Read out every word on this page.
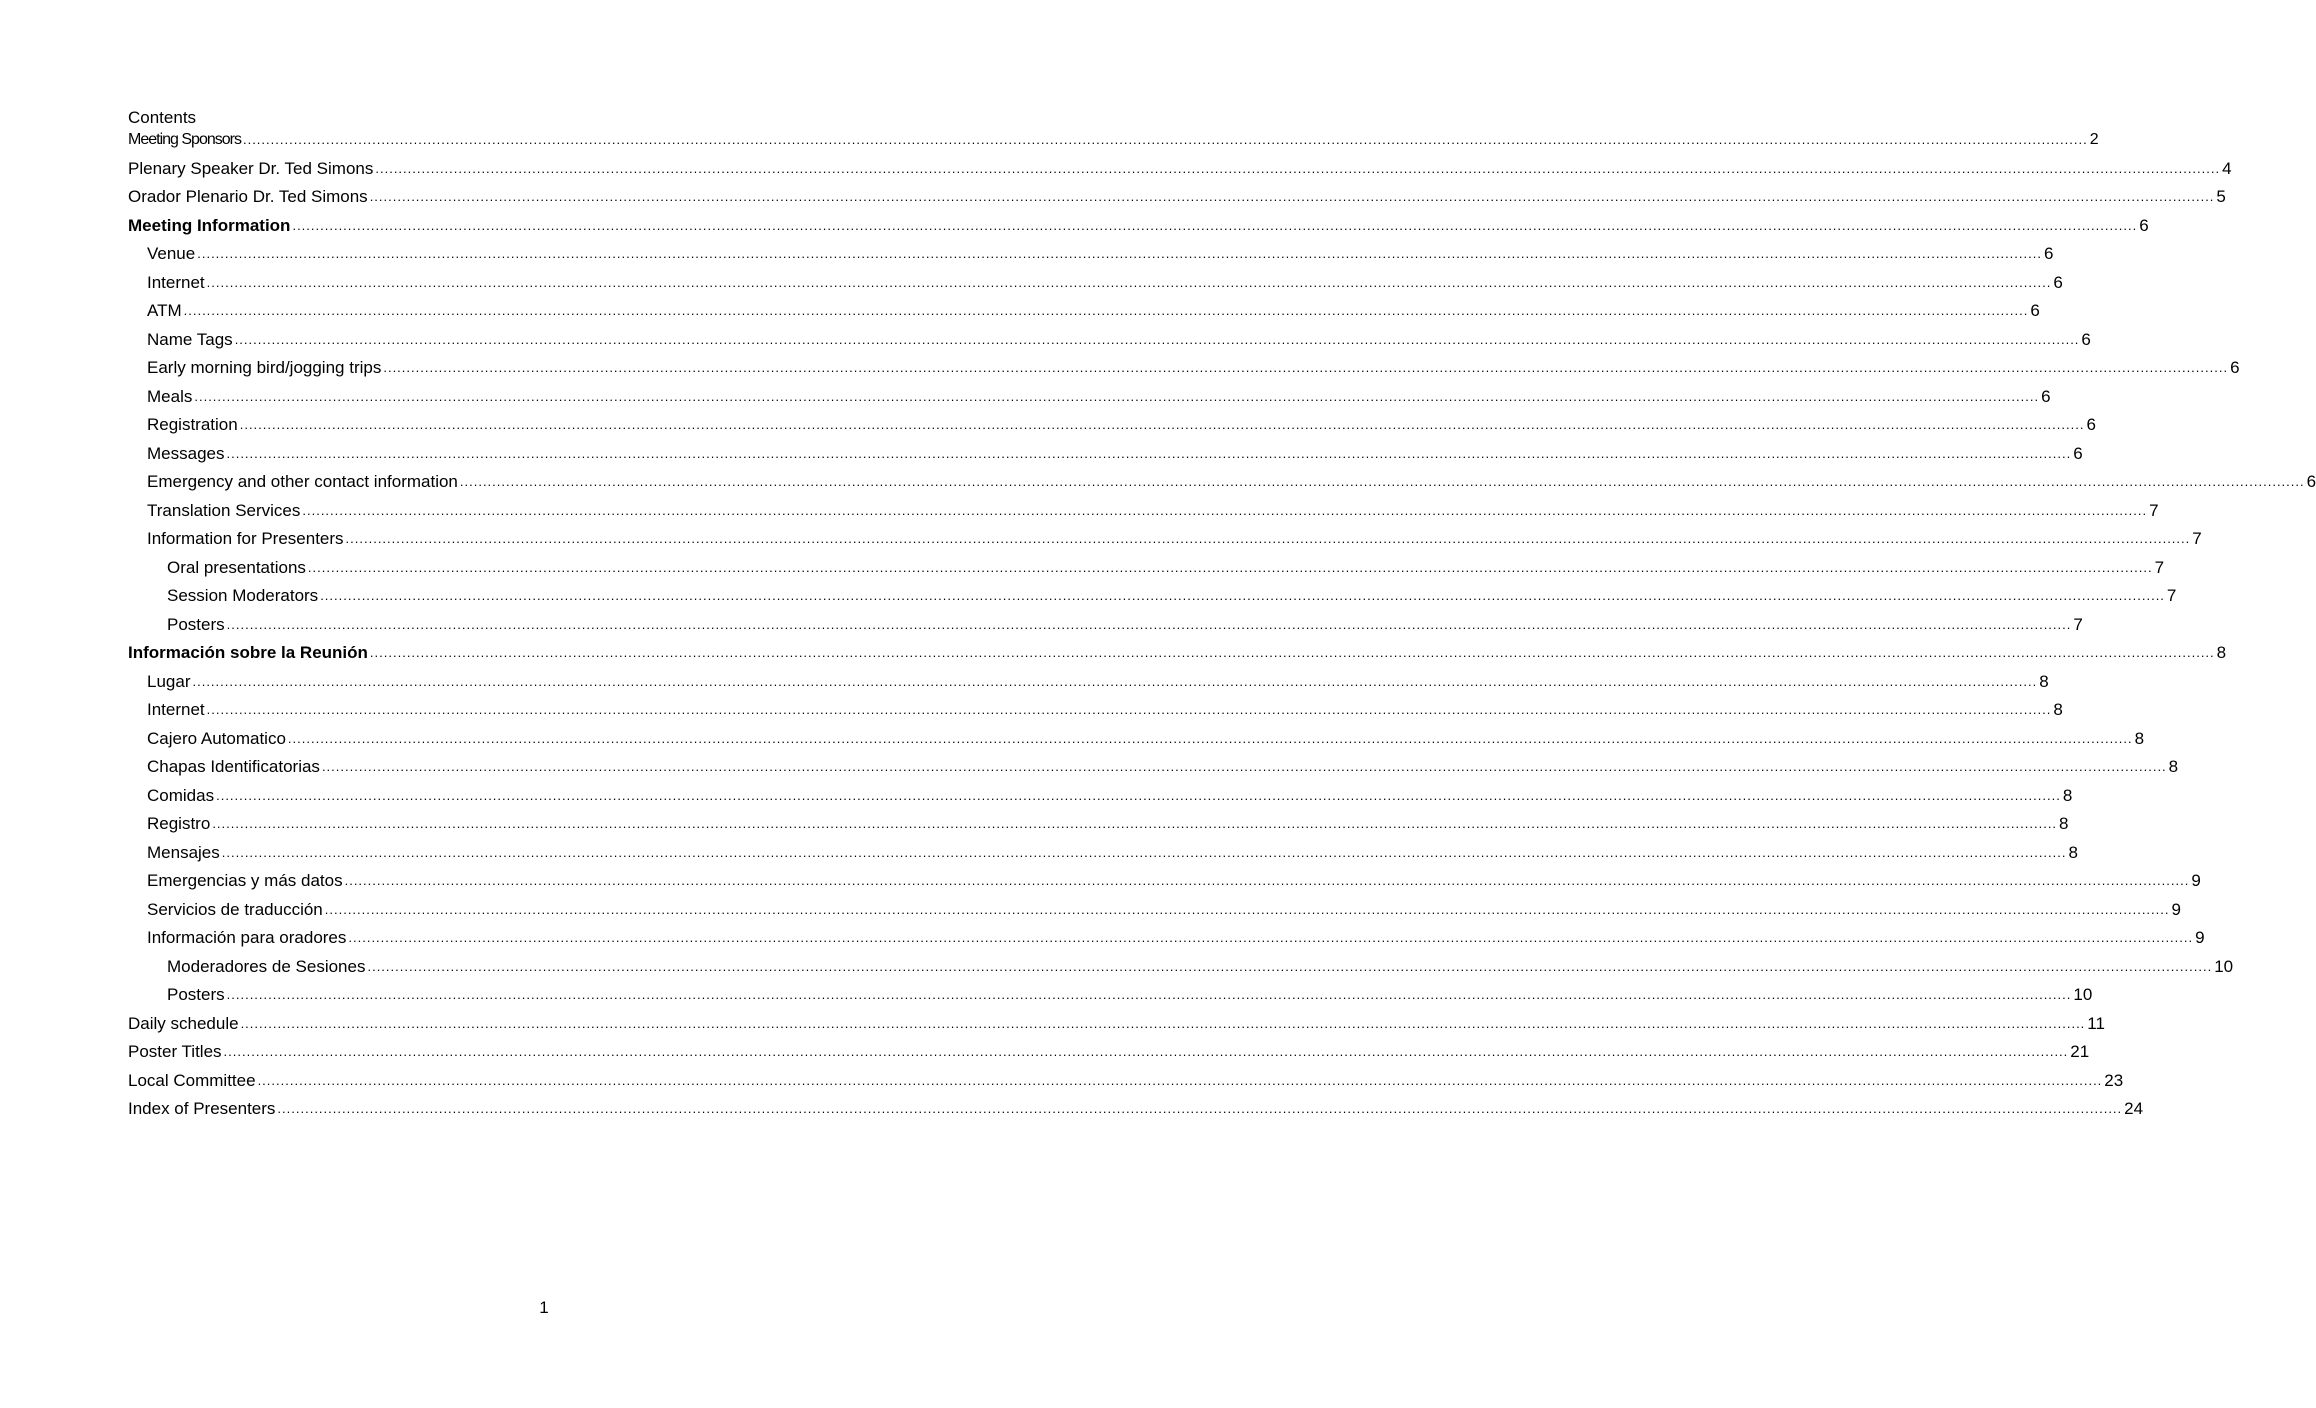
Contents
Meeting Sponsors ................................................................................................................................................................................................................................................................................................................................................................................................................ 2
Plenary Speaker Dr. Ted Simons ................................................................................................................................................................................................................................................................................................................................................................................................................ 4
Orador Plenario Dr. Ted Simons ................................................................................................................................................................................................................................................................................................................................................................................................................ 5
Meeting Information ................................................................................................................................................................................................................................................................................................................................................................................................................ 6
Venue ................................................................................................................................................................................................................................................................................................................................................................................................................ 6
Internet ................................................................................................................................................................................................................................................................................................................................................................................................................ 6
ATM ................................................................................................................................................................................................................................................................................................................................................................................................................ 6
Name Tags ................................................................................................................................................................................................................................................................................................................................................................................................................ 6
Early morning bird/jogging trips ................................................................................................................................................................................................................................................................................................................................................................................................................ 6
Meals ................................................................................................................................................................................................................................................................................................................................................................................................................ 6
Registration ................................................................................................................................................................................................................................................................................................................................................................................................................ 6
Messages ................................................................................................................................................................................................................................................................................................................................................................................................................ 6
Emergency and other contact information ................................................................................................................................................................................................................................................................................................................................................................................................................ 6
Translation Services ................................................................................................................................................................................................................................................................................................................................................................................................................ 7
Information for Presenters ................................................................................................................................................................................................................................................................................................................................................................................................................ 7
Oral presentations ................................................................................................................................................................................................................................................................................................................................................................................................................ 7
Session Moderators ................................................................................................................................................................................................................................................................................................................................................................................................................ 7
Posters ................................................................................................................................................................................................................................................................................................................................................................................................................ 7
Información sobre la Reunión ................................................................................................................................................................................................................................................................................................................................................................................................................ 8
Lugar ................................................................................................................................................................................................................................................................................................................................................................................................................ 8
Internet ................................................................................................................................................................................................................................................................................................................................................................................................................ 8
Cajero Automatico ................................................................................................................................................................................................................................................................................................................................................................................................................ 8
Chapas Identificatorias ................................................................................................................................................................................................................................................................................................................................................................................................................ 8
Comidas ................................................................................................................................................................................................................................................................................................................................................................................................................ 8
Registro ................................................................................................................................................................................................................................................................................................................................................................................................................ 8
Mensajes ................................................................................................................................................................................................................................................................................................................................................................................................................ 8
Emergencias y más datos ................................................................................................................................................................................................................................................................................................................................................................................................................ 9
Servicios de traducción ................................................................................................................................................................................................................................................................................................................................................................................................................ 9
Información para oradores ................................................................................................................................................................................................................................................................................................................................................................................................................ 9
Moderadores de Sesiones ................................................................................................................................................................................................................................................................................................................................................................................................................ 10
Posters ................................................................................................................................................................................................................................................................................................................................................................................................................ 10
Daily schedule ................................................................................................................................................................................................................................................................................................................................................................................................................ 11
Poster Titles ................................................................................................................................................................................................................................................................................................................................................................................................................ 21
Local Committee ................................................................................................................................................................................................................................................................................................................................................................................................................ 23
Index of Presenters ................................................................................................................................................................................................................................................................................................................................................................................................................ 24
1
